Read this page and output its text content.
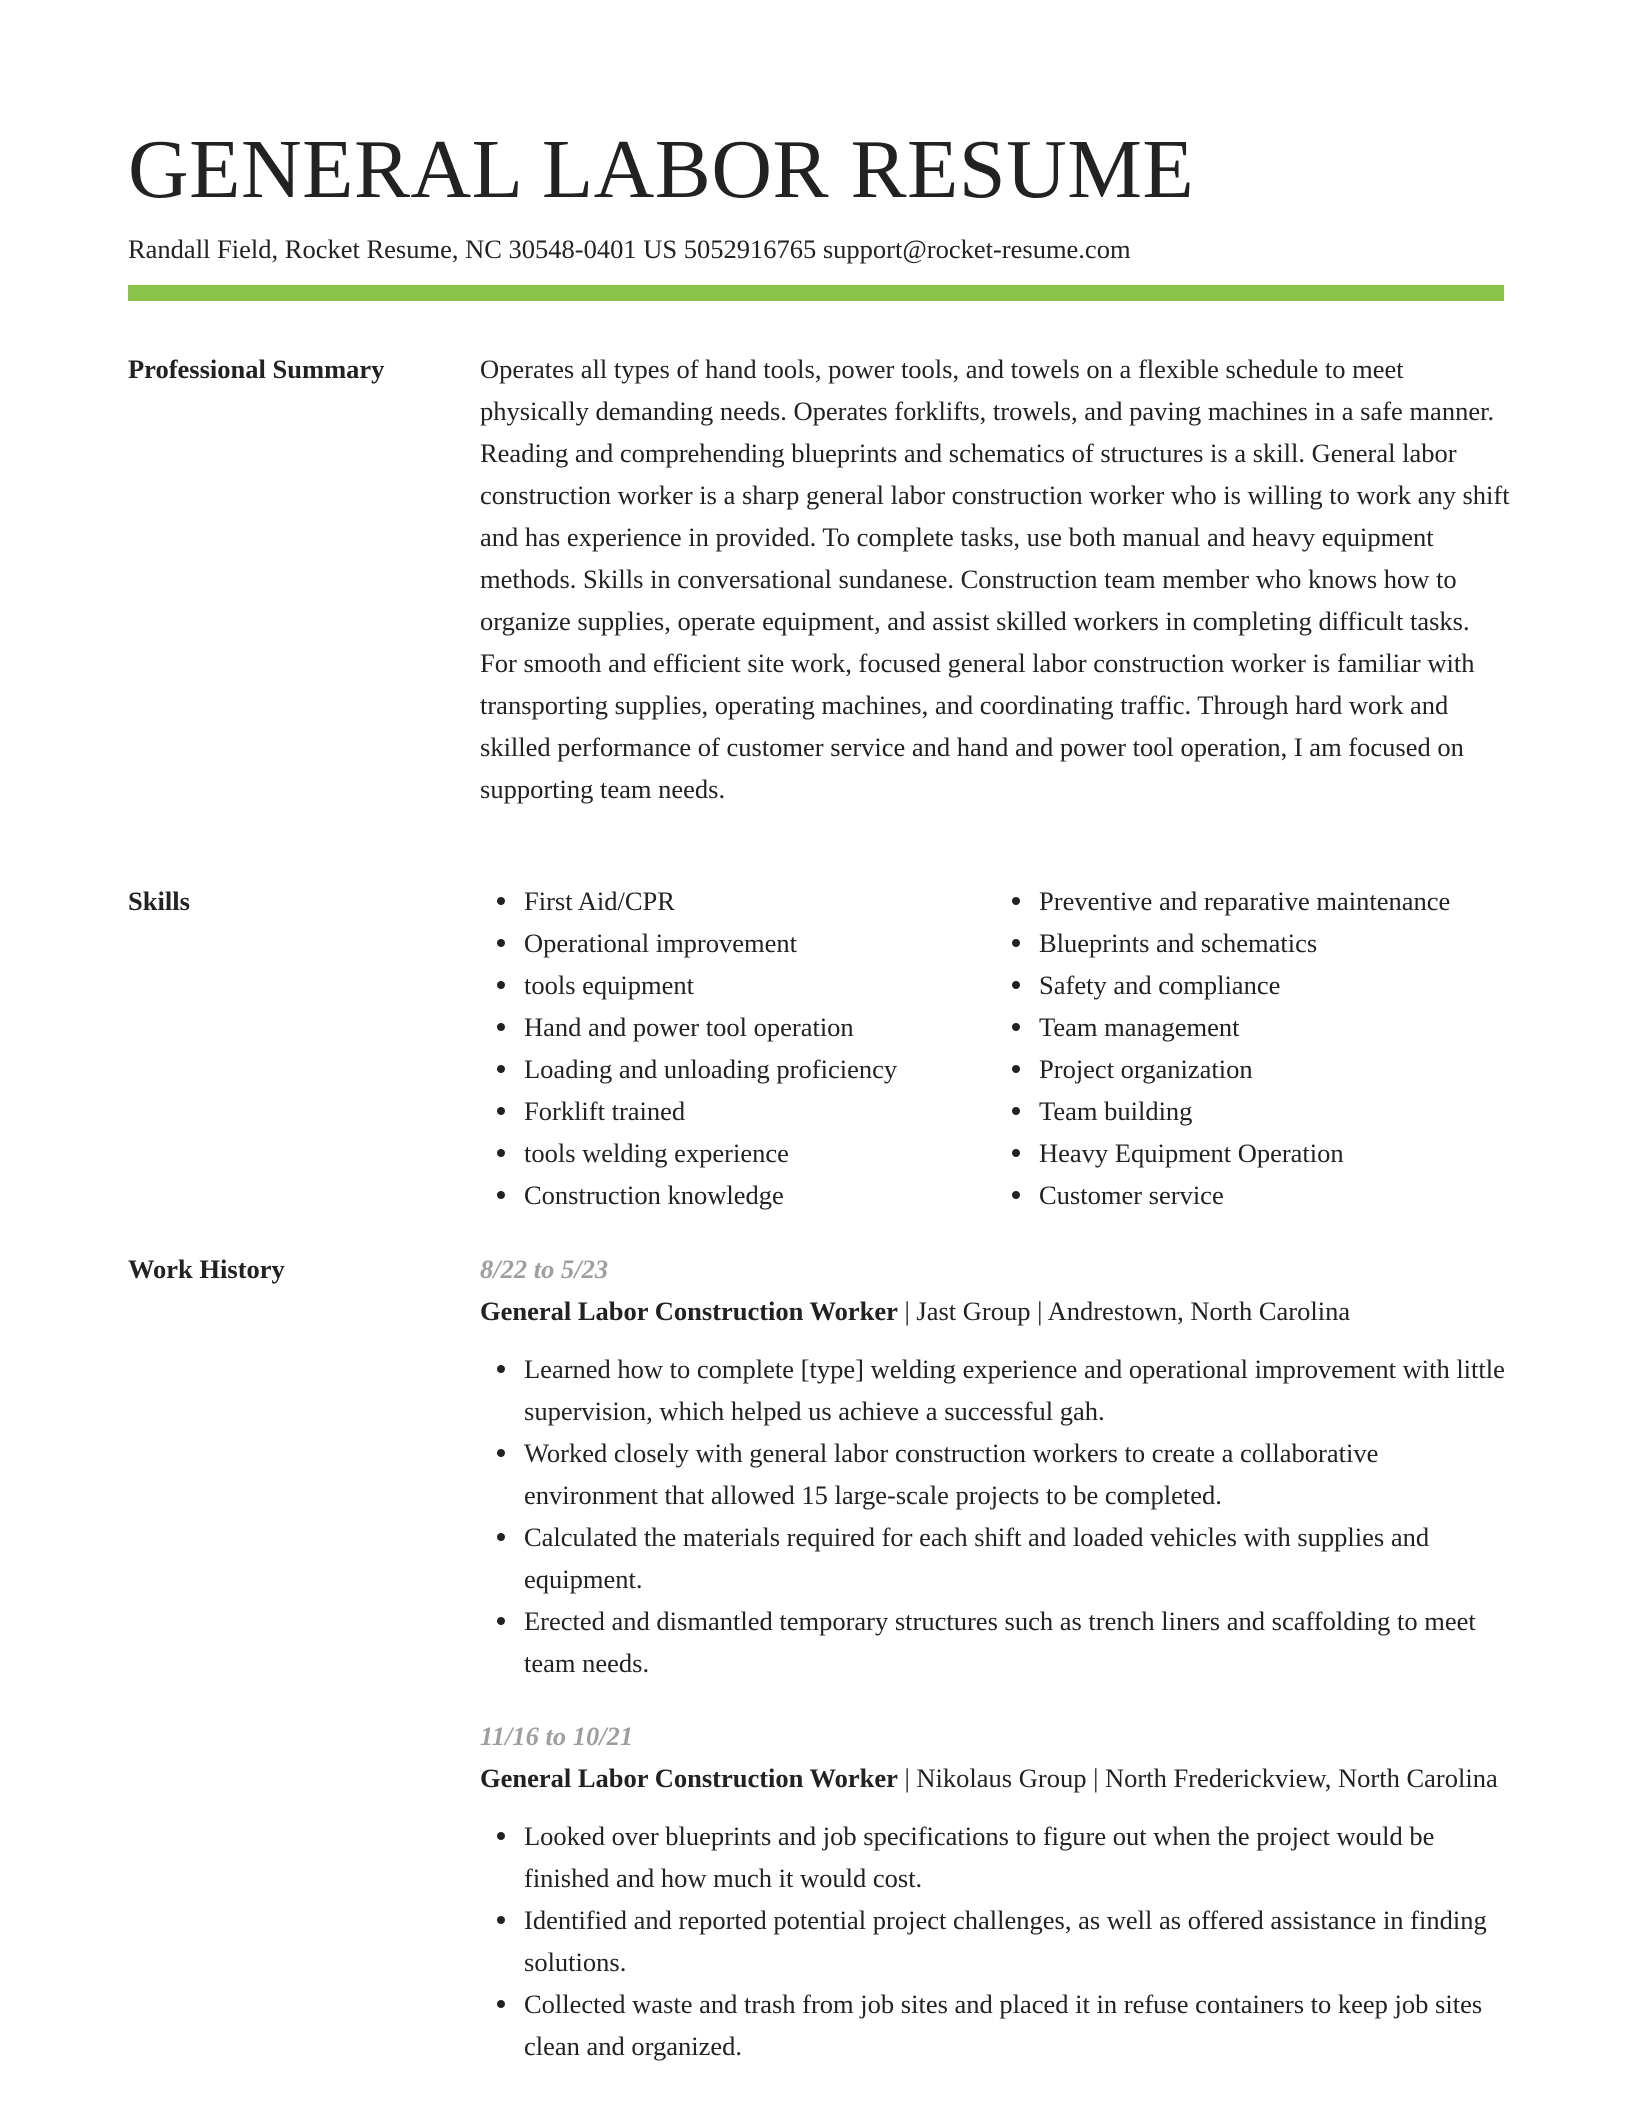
GENERAL LABOR RESUME
Randall Field, Rocket Resume, NC 30548-0401 US 5052916765 support@rocket-resume.com
Professional Summary	Operates all types of hand tools, power tools, and towels on a flexible schedule to meet physically demanding needs. Operates forklifts, trowels, and paving machines in a safe manner. Reading and comprehending blueprints and schematics of structures is a skill. General labor construction worker is a sharp general labor construction worker who is willing to work any shift and has experience in provided. To complete tasks, use both manual and heavy equipment methods. Skills in conversational sundanese. Construction team member who knows how to organize supplies, operate equipment, and assist skilled workers in completing difficult tasks. For smooth and efficient site work, focused general labor construction worker is familiar with transporting supplies, operating machines, and coordinating traffic. Through hard work and skilled performance of customer service and hand and power tool operation, I am focused on supporting team needs.

Skills	First Aid/CPR
Operational improvement
tools equipment
Hand and power tool operation
Loading and unloading proficiency
Forklift trained
tools welding experience
Construction knowledge
Preventive and reparative maintenance
Blueprints and schematics
Safety and compliance
Team management
Project organization
Team building
Heavy Equipment Operation
Customer service
Work History	8/22 to 5/23

General Labor Construction Worker | Jast Group | Andrestown, North Carolina

Learned how to complete [type] welding experience and operational improvement with little supervision, which helped us achieve a successful gah.
Worked closely with general labor construction workers to create a collaborative environment that allowed 15 large-scale projects to be completed.
Calculated the materials required for each shift and loaded vehicles with supplies and equipment.
Erected and dismantled temporary structures such as trench liners and scaffolding to meet team needs.

11/16 to 10/21

General Labor Construction Worker | Nikolaus Group | North Frederickview, North Carolina

Looked over blueprints and job specifications to figure out when the project would be finished and how much it would cost.
Identified and reported potential project challenges, as well as offered assistance in finding solutions.
Collected waste and trash from job sites and placed it in refuse containers to keep job sites clean and organized.
